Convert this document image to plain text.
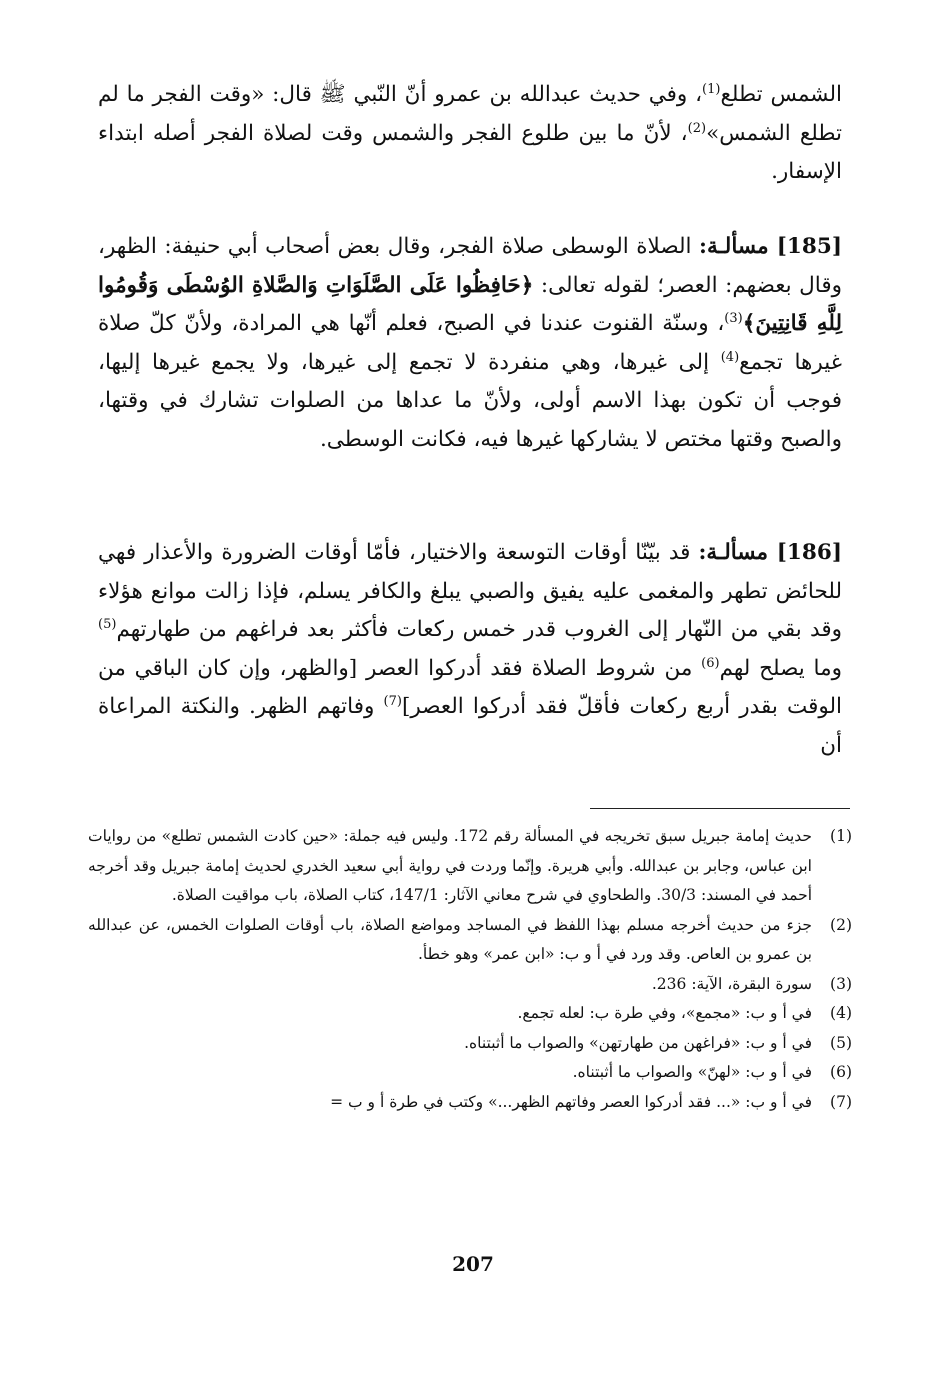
الشمس تطلع$^{(1)}$، وفي حديث عبدالله بن عمرو أنّ النّبي ﷺ قال: «وقت الفجر ما لم تطلع الشمس»$^{(2)}$، لأنّ ما بين طلوع الفجر والشمس وقت لصلاة الفجر أصله ابتداء الإسفار.
[185] مسألـة: الصلاة الوسطى صلاة الفجر، وقال بعض أصحاب أبي حنيفة: الظهر، وقال بعضهم: العصر؛ لقوله تعالى: ﴿حَافِظُوا عَلَى الصَّلَوَاتِ وَالصَّلاةِ الوُسْطَى وَقُومُوا لِلَّهِ قَانِتِينَ﴾$^{(3)}$، وسنّة القنوت عندنا في الصبح، فعلم أنّها هي المرادة، ولأنّ كلّ صلاة غيرها تجمع$^{(4)}$ إلى غيرها، وهي منفردة لا تجمع إلى غيرها، ولا يجمع غيرها إليها، فوجب أن تكون بهذا الاسم أولى، ولأنّ ما عداها من الصلوات تشارك في وقتها، والصبح وقتها مختص لا يشاركها غيرها فيه، فكانت الوسطى.
[186] مسألـة: قد بيّنّا أوقات التوسعة والاختيار، فأمّا أوقات الضرورة والأعذار فهي للحائض تطهر والمغمى عليه يفيق والصبي يبلغ والكافر يسلم، فإذا زالت موانع هؤلاء وقد بقي من النّهار إلى الغروب قدر خمس ركعات فأكثر بعد فراغهم من طهارتهم$^{(5)}$ وما يصلح لهم$^{(6)}$ من شروط الصلاة فقد أدركوا العصر [والظهر، وإن كان الباقي من الوقت بقدر أربع ركعات فأقلّ فقد أدركوا العصر]$^{(7)}$ وفاتهم الظهر. والنكتة المراعاة أن
(1)
حديث إمامة جبريل سبق تخريجه في المسألة رقم 172. وليس فيه جملة: «حين كادت الشمس تطلع» من روايات ابن عباس، وجابر بن عبدالله. وأبي هريرة. وإنّما وردت في رواية أبي سعيد الخدري لحديث إمامة جبريل وقد أخرجه أحمد في المسند: 30/3. والطحاوي في شرح معاني الآثار: 147/1، كتاب الصلاة، باب مواقيت الصلاة.
(2)
جزء من حديث أخرجه مسلم بهذا اللفظ في المساجد ومواضع الصلاة، باب أوقات الصلوات الخمس، عن عبدالله بن عمرو بن العاص. وقد ورد في أ و ب: «ابن عمر» وهو خطأ.
(3)
سورة البقرة، الآية: 236.
(4)
في أ و ب: «مجمع»، وفي طرة ب: لعله تجمع.
(5)
في أ و ب: «فراغهن من طهارتهن» والصواب ما أثبتناه.
(6)
في أ و ب: «لهنّ» والصواب ما أثبتناه.
(7)
في أ و ب: «... فقد أدركوا العصر وفاتهم الظهر...» وكتب في طرة أ و ب =
207
